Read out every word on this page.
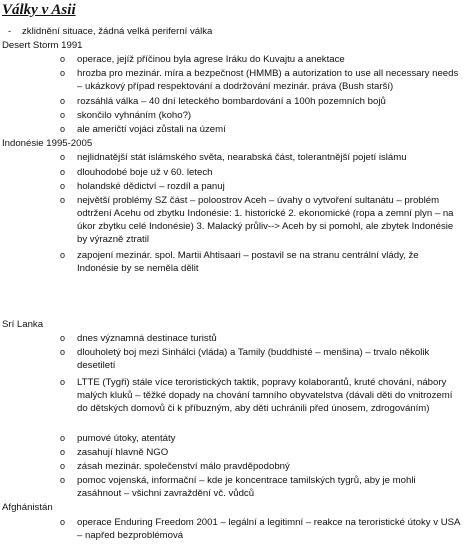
Války v Asii
-	zklidnění situace, žádná velká periferní válka
Desert Storm 1991
o operace, jejíž příčinou byla agrese Iráku do Kuvajtu a anektace
o hrozba pro mezinár. míra a bezpečnost (HMMB) a autorization to use all necessary needs – ukázkový případ respektování a dodržování mezinár. práva (Bush starší)
o rozsáhlá válka – 40 dní leteckého bombardování a 100h pozemních bojů
o skončilo vyhnáním (koho?)
o ale američtí vojáci zůstali na území
Indonésie 1995-2005
o nejlidnatější stát islámského světa, nearabská část, tolerantnější pojetí islámu
o dlouhodobé boje už v 60. letech
o holandské dědictví – rozdíl a panuj
o největší problémy SZ část – poloostrov Aceh – úvahy o vytvoření sultanátu – problém odtržení Acehu od zbytku Indonésie: 1. historické 2. ekonomické (ropa a zemní plyn – na úkor zbytku celé Indonésie) 3. Malacký průliv--> Aceh by si pomohl, ale zbytek Indonésie by výrazně ztratil
o zapojení mezinár. spol. Martii Ahtisaari – postavil se na stranu centrální vlády, že Indonésie by se neměla dělit
Srí Lanka
o dnes významná destinace turistů
o dlouholetý boj mezi Sinhálci (vláda) a Tamily (buddhisté – menšina) – trvalo několik desetiletí
o LTTE (Tygři) stále více teroristických taktik, popravy kolaborantů, kruté chování, nábory malých kluků – těžké dopady na chování tamního obyvatelstva (dávali děti do vnitrozemí do dětských domovů či k příbuzným, aby děti uchránili před únosem, zdrogováním)
o pumové útoky, atentáty
o zasahují hlavně NGO
o zásah mezinár. společenství málo pravděpodobný
o pomoc vojenská, informační – kde je koncentrace tamilských tygrů, aby je mohli zasáhnout – všichni zavraždění vč. vůdců
Afghánistán
o operace Enduring Freedom 2001 – legální a legitimní – reakce na teroristické útoky v USA – napřed bezproblémová
